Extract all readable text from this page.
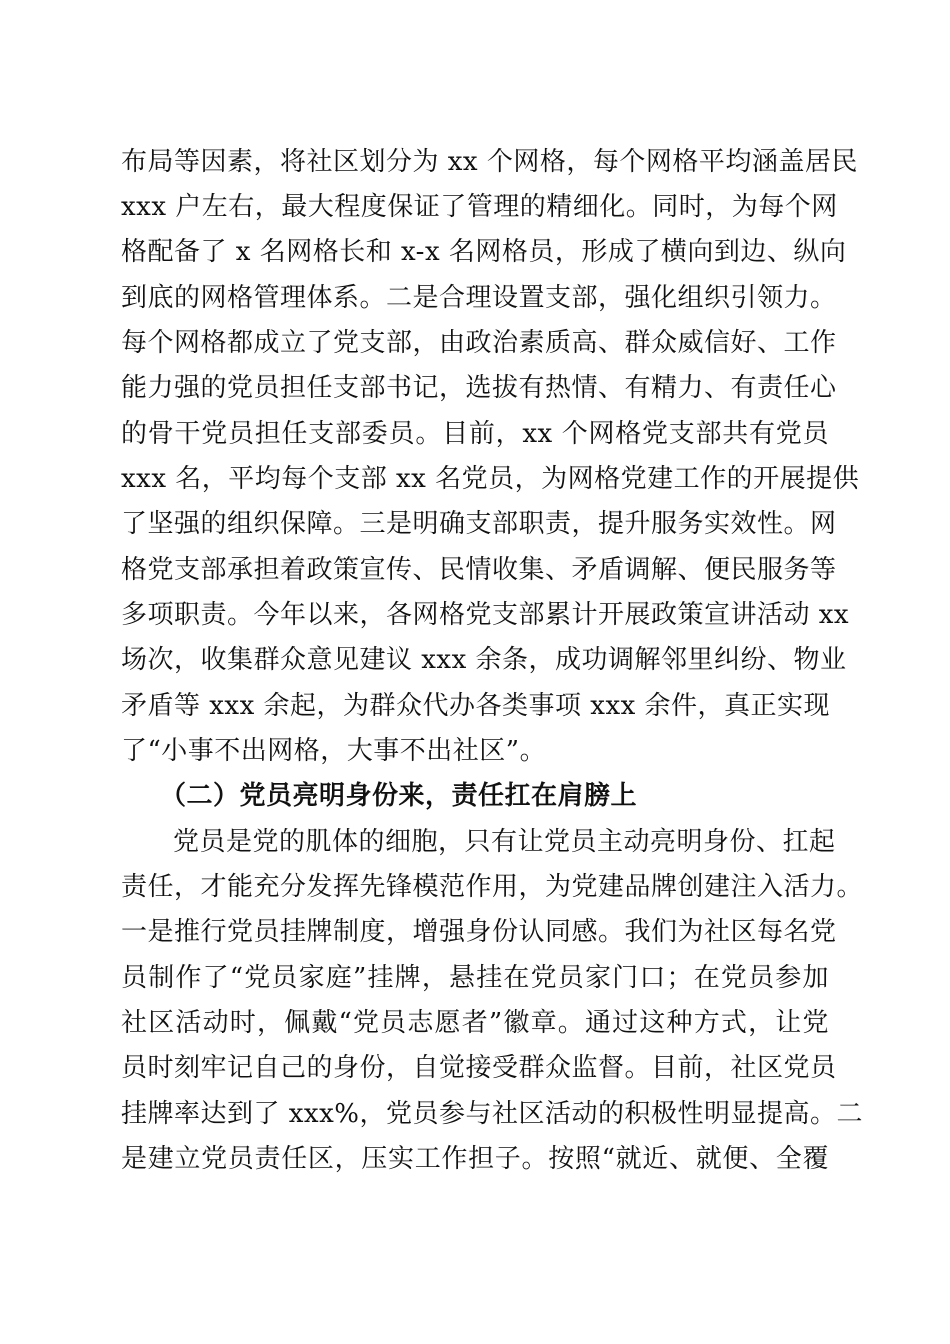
布局等因素，将社区划分为 xx 个网格，每个网格平均涵盖居民
xxx 户左右，最大程度保证了管理的精细化。同时，为每个网
格配备了 x 名网格长和 x-x 名网格员，形成了横向到边、纵向
到底的网格管理体系。二是合理设置支部，强化组织引领力。
每个网格都成立了党支部，由政治素质高、群众威信好、工作
能力强的党员担任支部书记，选拔有热情、有精力、有责任心
的骨干党员担任支部委员。目前，xx 个网格党支部共有党员
xxx 名，平均每个支部 xx 名党员，为网格党建工作的开展提供
了坚强的组织保障。三是明确支部职责，提升服务实效性。网
格党支部承担着政策宣传、民情收集、矛盾调解、便民服务等
多项职责。今年以来，各网格党支部累计开展政策宣讲活动 xx
场次，收集群众意见建议 xxx 余条，成功调解邻里纠纷、物业
矛盾等 xxx 余起，为群众代办各类事项 xxx 余件，真正实现
了“小事不出网格，大事不出社区”。
（二）党员亮明身份来，责任扛在肩膀上
党员是党的肌体的细胞，只有让党员主动亮明身份、扛起
责任，才能充分发挥先锋模范作用，为党建品牌创建注入活力。
一是推行党员挂牌制度，增强身份认同感。我们为社区每名党
员制作了“党员家庭”挂牌，悬挂在党员家门口；在党员参加
社区活动时，佩戴“党员志愿者”徽章。通过这种方式，让党
员时刻牢记自己的身份，自觉接受群众监督。目前，社区党员
挂牌率达到了 xxx%，党员参与社区活动的积极性明显提高。二
是建立党员责任区，压实工作担子。按照“就近、就便、全覆
